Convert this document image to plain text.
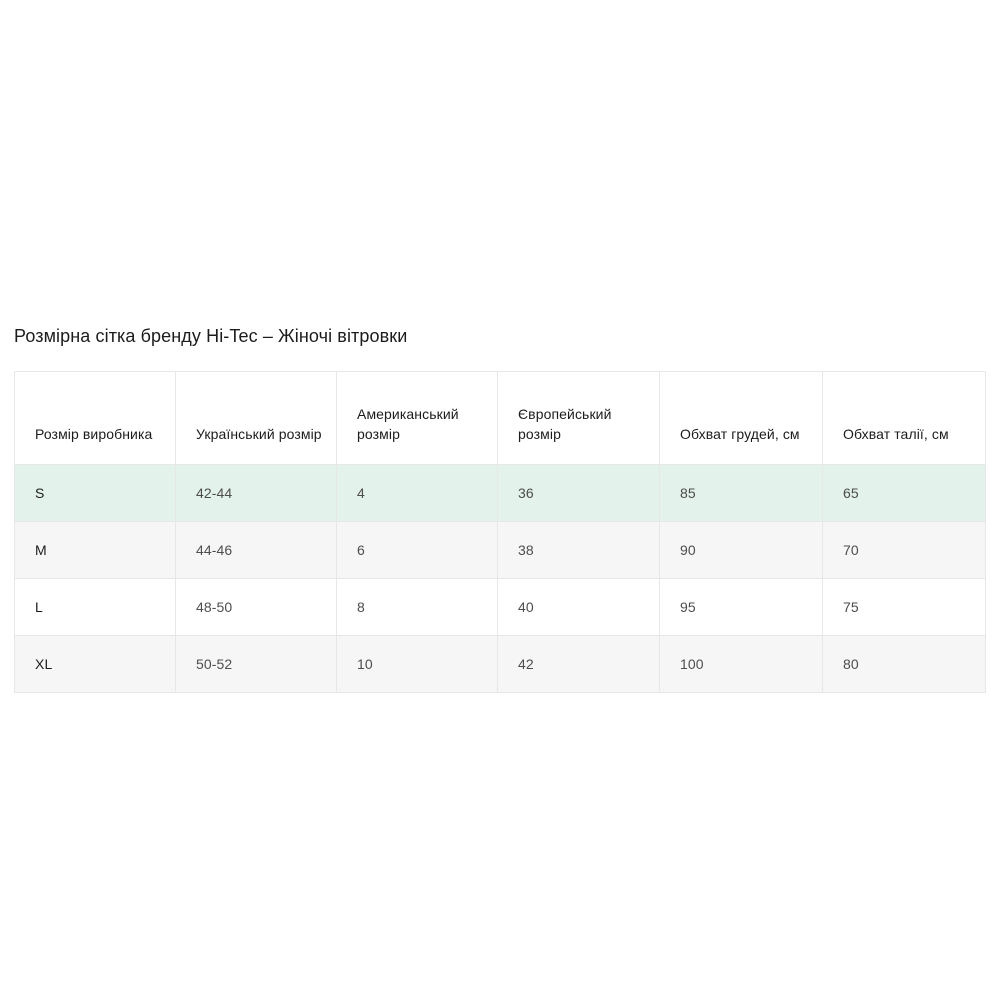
Розмірна сітка бренду Hi-Tec – Жіночі вітровки
Розмір виробника	Український розмір	Американський розмір	Європейський розмір	Обхват грудей, см	Обхват талії, см
S	42-44	4	36	85	65
M	44-46	6	38	90	70
L	48-50	8	40	95	75
XL	50-52	10	42	100	80
